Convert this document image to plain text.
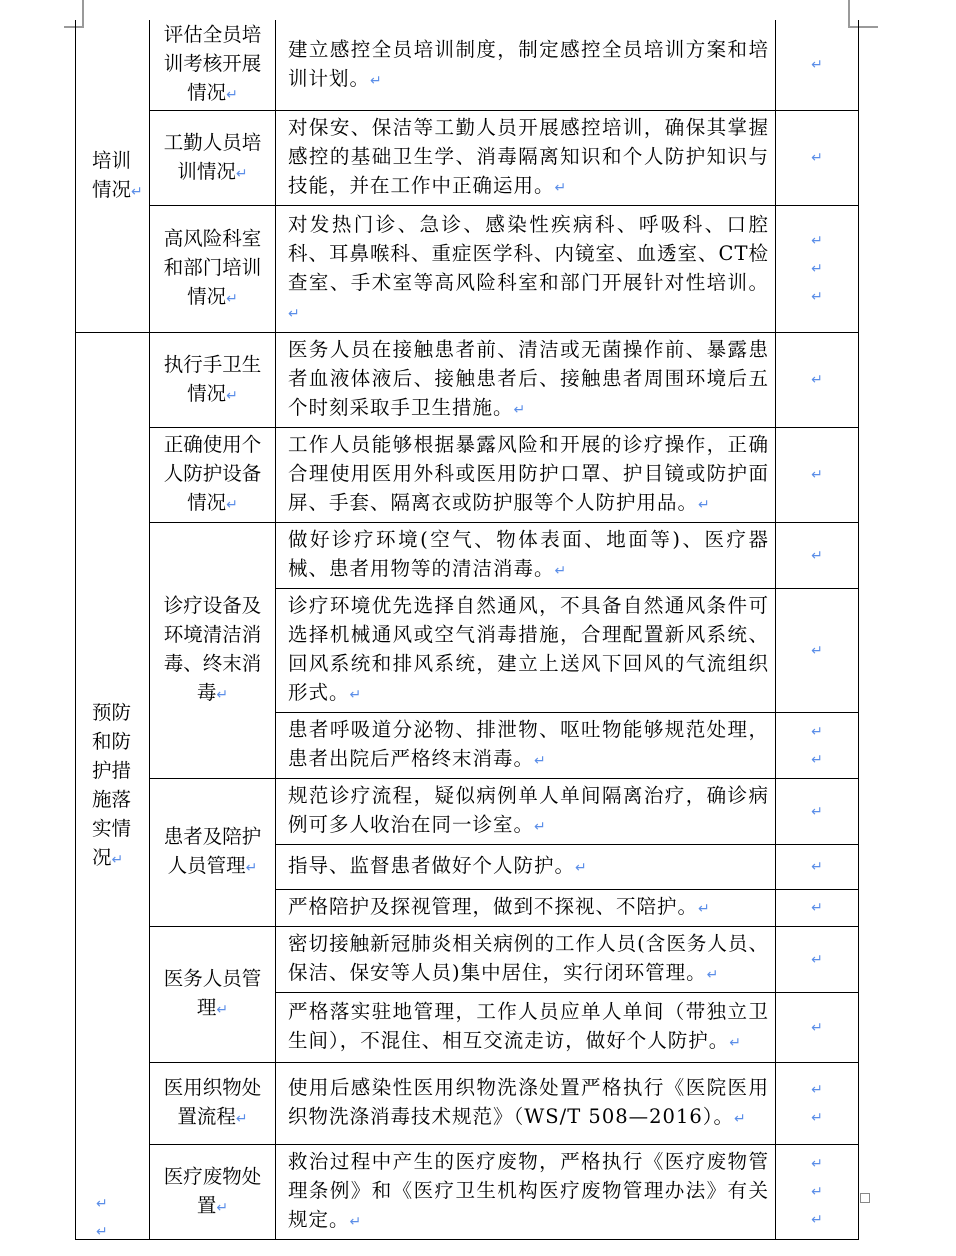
培训情况↵	评估全员培训考核开展情况↵	建立感控全员培训制度，制定感控全员培训方案和培训计划。↵	↵

	工勤人员培训情况↵	对保安、保洁等工勤人员开展感控培训，确保其掌握感控的基础卫生学、消毒隔离知识和个人防护知识与技能，并在工作中正确运用。↵	↵

	高风险科室和部门培训情况↵	对发热门诊、急诊、感染性疾病科、呼吸科、口腔科、耳鼻喉科、重症医学科、内镜室、血透室、CT检查室、手术室等高风险科室和部门开展针对性培训。↵	↵
↵
↵

预防和防护措施落实情况↵	执行手卫生情况↵	医务人员在接触患者前、清洁或无菌操作前、暴露患者血液体液后、接触患者后、接触患者周围环境后五个时刻采取手卫生措施。↵	↵

	正确使用个人防护设备情况↵	工作人员能够根据暴露风险和开展的诊疗操作，正确合理使用医用外科或医用防护口罩、护目镜或防护面屏、手套、隔离衣或防护服等个人防护用品。↵	↵

	诊疗设备及环境清洁消毒、终末消毒↵	做好诊疗环境(空气、物体表面、地面等)、医疗器械、患者用物等的清洁消毒。↵	↵

		诊疗环境优先选择自然通风，不具备自然通风条件可选择机械通风或空气消毒措施，合理配置新风系统、回风系统和排风系统，建立上送风下回风的气流组织形式。↵	↵

		患者呼吸道分泌物、排泄物、呕吐物能够规范处理，患者出院后严格终末消毒。↵	↵
↵

	患者及陪护人员管理↵	规范诊疗流程，疑似病例单人单间隔离治疗，确诊病例可多人收治在同一诊室。↵	↵

		指导、监督患者做好个人防护。↵	↵

		严格陪护及探视管理，做到不探视、不陪护。↵	↵

	医务人员管理↵	密切接触新冠肺炎相关病例的工作人员(含医务人员、保洁、保安等人员)集中居住，实行闭环管理。↵	↵

		严格落实驻地管理，工作人员应单人单间（带独立卫生间），不混住、相互交流走访，做好个人防护。↵	↵

	医用织物处置流程↵	使用后感染性医用织物洗涤处置严格执行《医院医用织物洗涤消毒技术规范》（WS/T 508—2016）。↵	↵
↵

	医疗废物处置↵	救治过程中产生的医疗废物，严格执行《医疗废物管理条例》和《医疗卫生机构医疗废物管理办法》有关规定。↵	↵
↵
↵
↵
↵
